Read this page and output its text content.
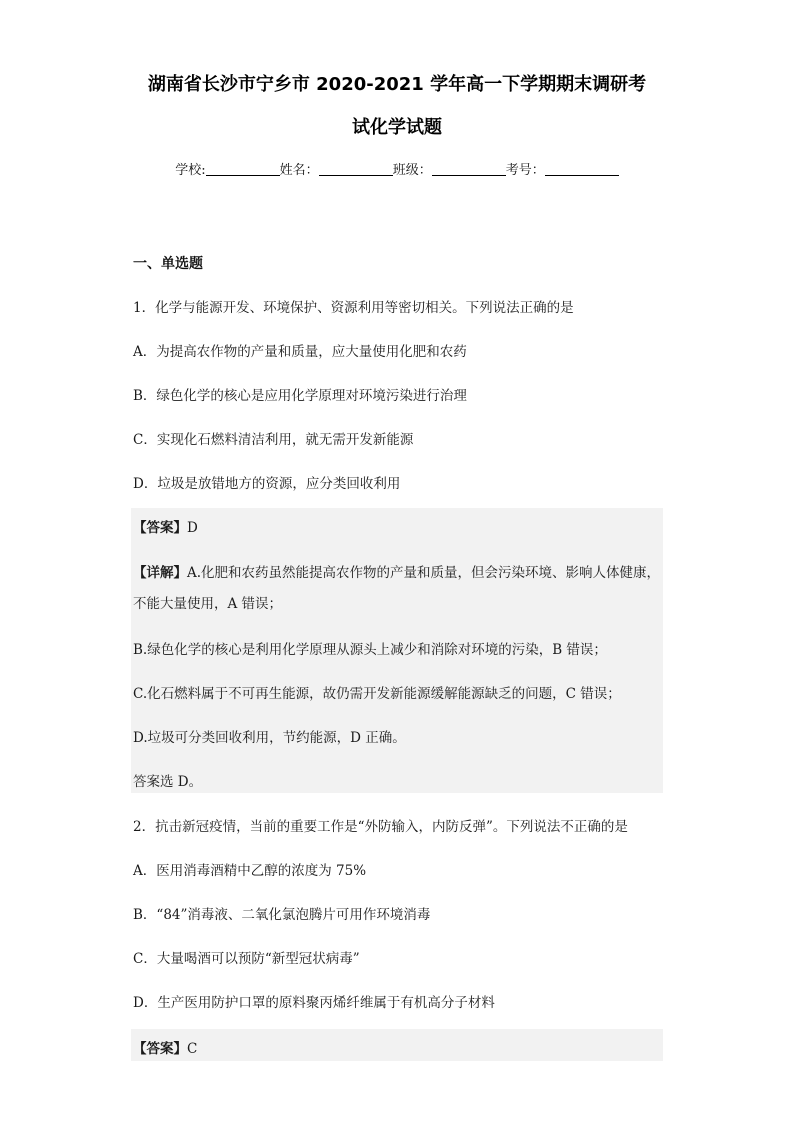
湖南省长沙市宁乡市 2020-2021 学年高一下学期期末调研考
试化学试题
学校:	姓名：	班级：	考号：
一、单选题
1．化学与能源开发、环境保护、资源利用等密切相关。下列说法正确的是
A．为提高农作物的产量和质量，应大量使用化肥和农药
B．绿色化学的核心是应用化学原理对环境污染进行治理
C．实现化石燃料清洁利用，就无需开发新能源
D．垃圾是放错地方的资源，应分类回收利用
【答案】D
【详解】A.化肥和农药虽然能提高农作物的产量和质量，但会污染环境、影响人体健康，
不能大量使用，A 错误；
B.绿色化学的核心是利用化学原理从源头上减少和消除对环境的污染，B 错误；
C.化石燃料属于不可再生能源，故仍需开发新能源缓解能源缺乏的问题，C 错误；
D.垃圾可分类回收利用，节约能源，D 正确。
答案选 D。
2．抗击新冠疫情，当前的重要工作是“外防输入，内防反弹”。下列说法不正确的是
A．医用消毒酒精中乙醇的浓度为 75%
B．“84”消毒液、二氧化氯泡腾片可用作环境消毒
C．大量喝酒可以预防“新型冠状病毒”
D．生产医用防护口罩的原料聚丙烯纤维属于有机高分子材料
【答案】C
